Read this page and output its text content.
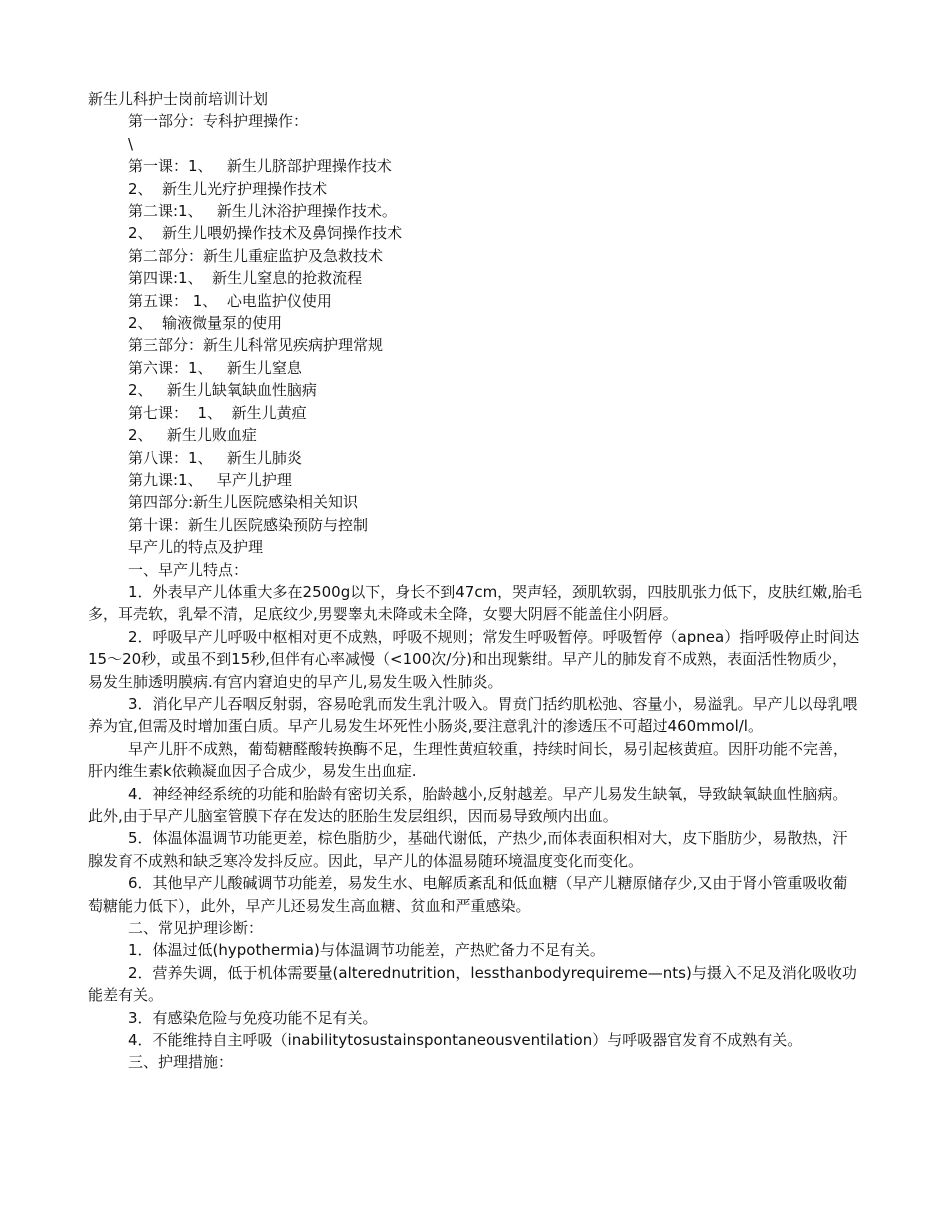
新生儿科护士岗前培训计划
第一部分：专科护理操作：
\
第一课：1、   新生儿脐部护理操作技术
2、  新生儿光疗护理操作技术
第二课:1、   新生儿沐浴护理操作技术。
2、  新生儿喂奶操作技术及鼻饲操作技术
第二部分：新生儿重症监护及急救技术
第四课:1、  新生儿窒息的抢救流程
第五课： 1、  心电监护仪使用
2、  输液微量泵的使用
第三部分：新生儿科常见疾病护理常规
第六课：1、   新生儿窒息
2、   新生儿缺氧缺血性脑病
第七课：  1、  新生儿黄疸
2、   新生儿败血症
第八课：1、   新生儿肺炎
第九课:1、   早产儿护理
第四部分:新生儿医院感染相关知识
第十课：新生儿医院感染预防与控制
早产儿的特点及护理
一、早产儿特点：

1．外表早产儿体重大多在2500g以下，身长不到47cm，哭声轻，颈肌软弱，四肢肌张力低下，皮肤红嫩,胎毛多，耳壳软，乳晕不清，足底纹少,男婴睾丸未降或未全降，女婴大阴唇不能盖住小阴唇。

2．呼吸早产儿呼吸中枢相对更不成熟，呼吸不规则；常发生呼吸暂停。呼吸暂停（apnea）指呼吸停止时间达15～20秒，或虽不到15秒,但伴有心率减慢（<100次/分)和出现紫绀。早产儿的肺发育不成熟，表面活性物质少，易发生肺透明膜病.有宫内窘迫史的早产儿,易发生吸入性肺炎。

3．消化早产儿吞咽反射弱，容易呛乳而发生乳汁吸入。胃贲门括约肌松弛、容量小，易溢乳。早产儿以母乳喂养为宜,但需及时增加蛋白质。早产儿易发生坏死性小肠炎,要注意乳汁的渗透压不可超过460mmol/l。

早产儿肝不成熟，葡萄糖醛酸转换酶不足，生理性黄疸较重，持续时间长，易引起核黄疸。因肝功能不完善，肝内维生素k依赖凝血因子合成少，易发生出血症.

4．神经神经系统的功能和胎龄有密切关系，胎龄越小,反射越差。早产儿易发生缺氧，导致缺氧缺血性脑病。此外,由于早产儿脑室管膜下存在发达的胚胎生发层组织，因而易导致颅内出血。

5．体温体温调节功能更差，棕色脂肪少，基础代谢低，产热少,而体表面积相对大，皮下脂肪少，易散热，汗腺发育不成熟和缺乏寒冷发抖反应。因此，早产儿的体温易随环境温度变化而变化。

6．其他早产儿酸碱调节功能差，易发生水、电解质紊乱和低血糖（早产儿糖原储存少,又由于肾小管重吸收葡萄糖能力低下），此外，早产儿还易发生高血糖、贫血和严重感染。

二、常见护理诊断：

1．体温过低(hypothermia)与体温调节功能差，产热贮备力不足有关。

2．营养失调，低于机体需要量(alterednutrition，lessthanbodyrequireme—nts)与摄入不足及消化吸收功能差有关。

3．有感染危险与免疫功能不足有关。

4．不能维持自主呼吸（inabilitytosustainspontaneousventilation）与呼吸器官发育不成熟有关。

三、护理措施：
